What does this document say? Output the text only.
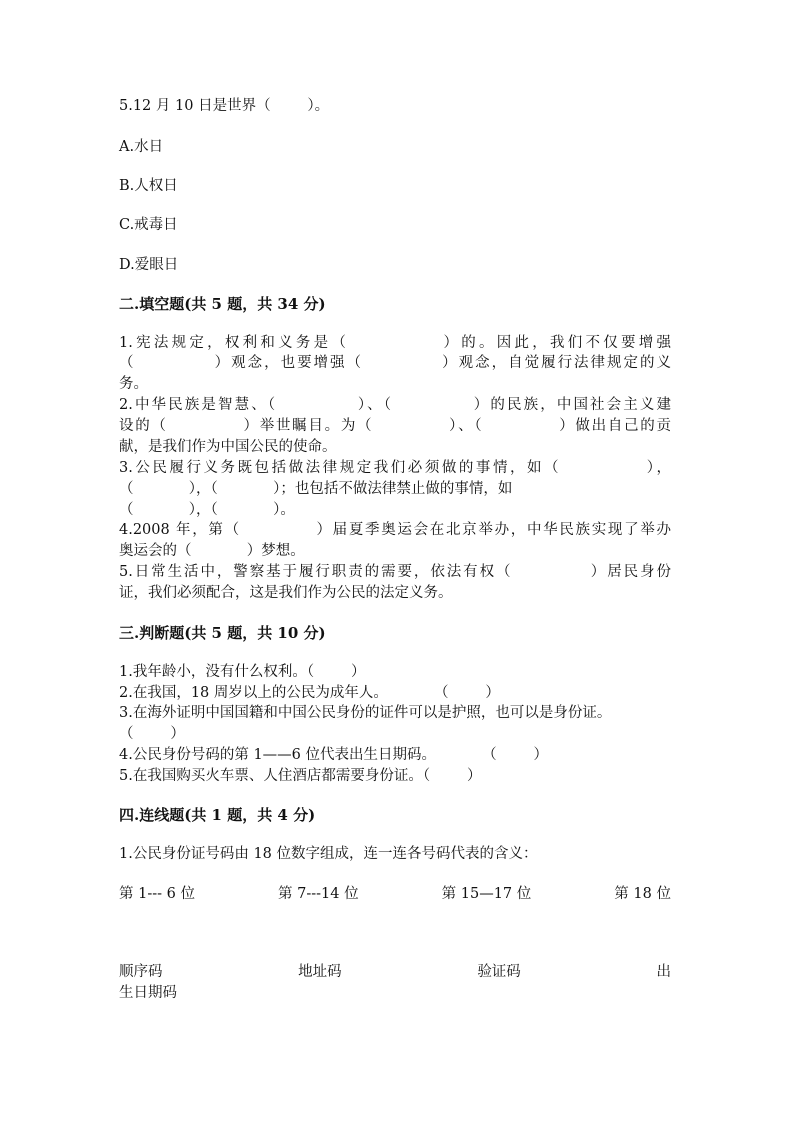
5.12 月 10 日是世界（        ）。
A.水日
B.人权日
C.戒毒日
D.爱眼日
二.填空题(共 5 题，共 34 分)
1.宪法规定，权利和义务是（            ）的。因此，我们不仅要增强
（            ）观念，也要增强（            ）观念，自觉履行法律规定的义
务。
2.中华民族是智慧、（            ）、（            ）的民族，中国社会主义建
设的（            ）举世瞩目。为（            ）、（            ）做出自己的贡
献，是我们作为中国公民的使命。
3.公民履行义务既包括做法律规定我们必须做的事情，如（            ），
（            ），（            ）；也包括不做法律禁止做的事情，如
（            ），（            ）。
4.2008 年，第（            ）届夏季奥运会在北京举办，中华民族实现了举办
奥运会的（            ）梦想。
5.日常生活中，警察基于履行职责的需要，依法有权（            ）居民身份
证，我们必须配合，这是我们作为公民的法定义务。
三.判断题(共 5 题，共 10 分)
1.我年龄小，没有什么权利。（        ）
2.在我国，18 周岁以上的公民为成年人。          （        ）
3.在海外证明中国国籍和中国公民身份的证件可以是护照，也可以是身份证。
（        ）
4.公民身份号码的第 1——6 位代表出生日期码。          （        ）
5.在我国购买火车票、人住酒店都需要身份证。（        ）
四.连线题(共 1 题，共 4 分)
1.公民身份证号码由 18 位数字组成，连一连各号码代表的含义：
第 1--- 6 位	第 7---14 位	第 15—17 位	第 18 位
顺序码	地址码	验证码	出
生日期码
